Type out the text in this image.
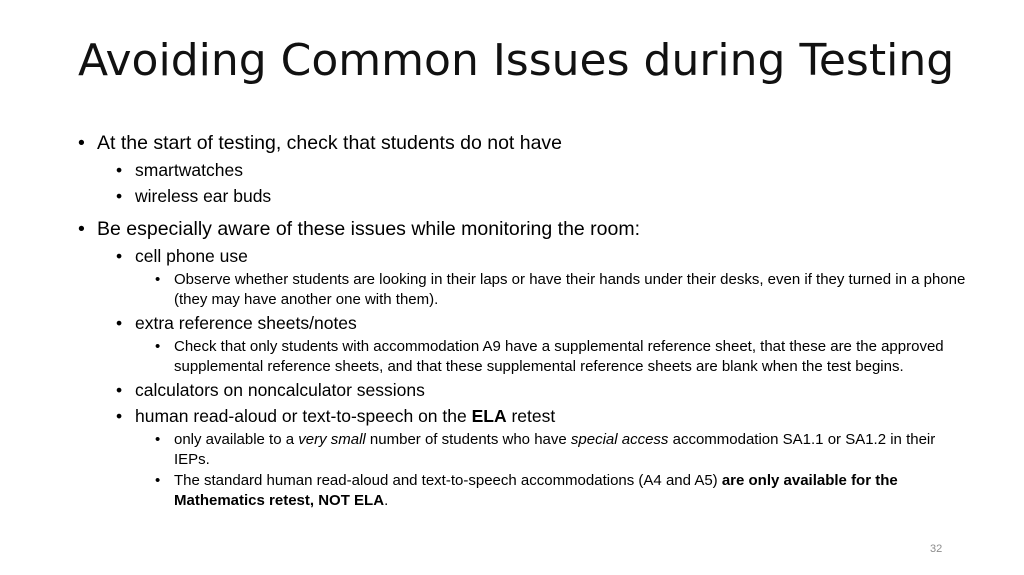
Avoiding Common Issues during Testing

• At the start of testing, check that students do not have

• smartwatches

• wireless ear buds

• Be especially aware of these issues while monitoring the room:

• cell phone use

• Observe whether students are looking in their laps or have their hands under their desks, even if they turned in a phone (they may have another one with them).

• extra reference sheets/notes

• Check that only students with accommodation A9 have a supplemental reference sheet, that these are the approved supplemental reference sheets, and that these supplemental reference sheets are blank when the test begins.

• calculators on noncalculator sessions

• human read-aloud or text-to-speech on the ELA retest

• only available to a very small number of students who have special access accommodation SA1.1 or SA1.2 in their IEPs.

• The standard human read-aloud and text-to-speech accommodations (A4 and A5) are only available for the Mathematics retest, NOT ELA.

32
